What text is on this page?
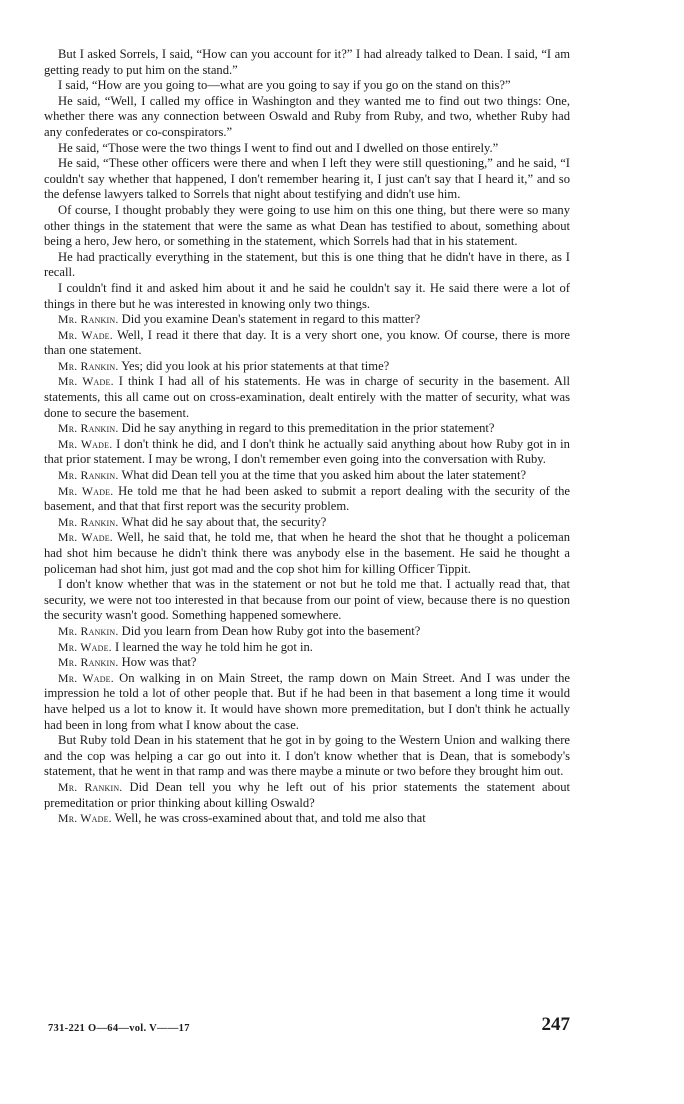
But I asked Sorrels, I said, “How can you account for it?” I had already talked to Dean. I said, “I am getting ready to put him on the stand.”

I said, “How are you going to—what are you going to say if you go on the stand on this?”

He said, “Well, I called my office in Washington and they wanted me to find out two things: One, whether there was any connection between Oswald and Ruby from Ruby, and two, whether Ruby had any confederates or co-conspirators.”

He said, “Those were the two things I went to find out and I dwelled on those entirely.”

He said, “These other officers were there and when I left they were still questioning,” and he said, “I couldn't say whether that happened, I don't remember hearing it, I just can't say that I heard it,” and so the defense lawyers talked to Sorrels that night about testifying and didn't use him.

Of course, I thought probably they were going to use him on this one thing, but there were so many other things in the statement that were the same as what Dean has testified to about, something about being a hero, Jew hero, or something in the statement, which Sorrels had that in his statement.

He had practically everything in the statement, but this is one thing that he didn't have in there, as I recall.

I couldn't find it and asked him about it and he said he couldn't say it. He said there were a lot of things in there but he was interested in knowing only two things.

Mr. Rankin. Did you examine Dean's statement in regard to this matter?

Mr. Wade. Well, I read it there that day. It is a very short one, you know. Of course, there is more than one statement.

Mr. Rankin. Yes; did you look at his prior statements at that time?

Mr. Wade. I think I had all of his statements. He was in charge of security in the basement. All statements, this all came out on cross-examination, dealt entirely with the matter of security, what was done to secure the basement.

Mr. Rankin. Did he say anything in regard to this premeditation in the prior statement?

Mr. Wade. I don't think he did, and I don't think he actually said anything about how Ruby got in in that prior statement. I may be wrong, I don't remember even going into the conversation with Ruby.

Mr. Rankin. What did Dean tell you at the time that you asked him about the later statement?

Mr. Wade. He told me that he had been asked to submit a report dealing with the security of the basement, and that that first report was the security problem.

Mr. Rankin. What did he say about that, the security?

Mr. Wade. Well, he said that, he told me, that when he heard the shot that he thought a policeman had shot him because he didn't think there was anybody else in the basement. He said he thought a policeman had shot him, just got mad and the cop shot him for killing Officer Tippit.

I don't know whether that was in the statement or not but he told me that. I actually read that, that security, we were not too interested in that because from our point of view, because there is no question the security wasn't good. Something happened somewhere.

Mr. Rankin. Did you learn from Dean how Ruby got into the basement?

Mr. Wade. I learned the way he told him he got in.

Mr. Rankin. How was that?

Mr. Wade. On walking in on Main Street, the ramp down on Main Street. And I was under the impression he told a lot of other people that. But if he had been in that basement a long time it would have helped us a lot to know it. It would have shown more premeditation, but I don't think he actually had been in long from what I know about the case.

But Ruby told Dean in his statement that he got in by going to the Western Union and walking there and the cop was helping a car go out into it. I don't know whether that is Dean, that is somebody's statement, that he went in that ramp and was there maybe a minute or two before they brought him out.

Mr. Rankin. Did Dean tell you why he left out of his prior statements the statement about premeditation or prior thinking about killing Oswald?

Mr. Wade. Well, he was cross-examined about that, and told me also that

731-221 O—64—vol. V——17	247
